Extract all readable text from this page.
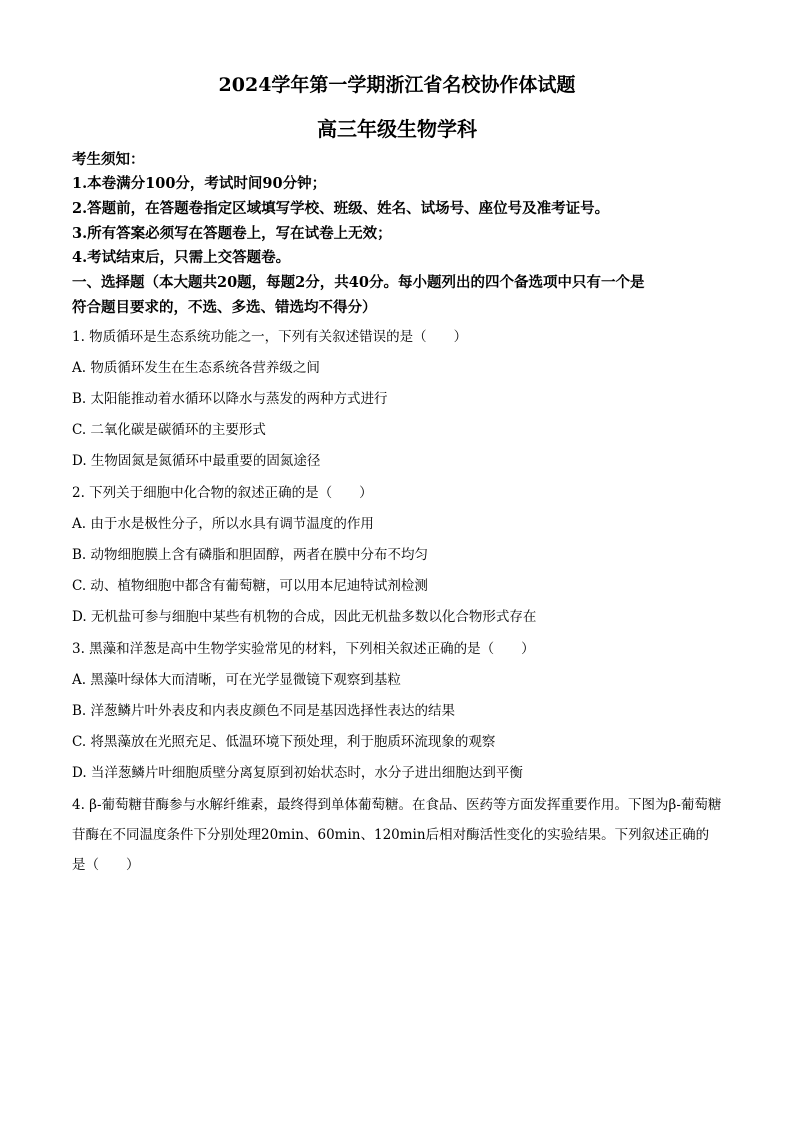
2024学年第一学期浙江省名校协作体试题
高三年级生物学科
考生须知：
1.本卷满分100分，考试时间90分钟；
2.答题前，在答题卷指定区域填写学校、班级、姓名、试场号、座位号及准考证号。
3.所有答案必须写在答题卷上，写在试卷上无效；
4.考试结束后，只需上交答题卷。
一、选择题（本大题共20题，每题2分，共40分。每小题列出的四个备选项中只有一个是
符合题目要求的，不选、多选、错选均不得分）
1. 物质循环是生态系统功能之一，下列有关叙述错误的是（　　）
A. 物质循环发生在生态系统各营养级之间
B. 太阳能推动着水循环以降水与蒸发的两种方式进行
C. 二氧化碳是碳循环的主要形式
D. 生物固氮是氮循环中最重要的固氮途径
2. 下列关于细胞中化合物的叙述正确的是（　　）
A. 由于水是极性分子，所以水具有调节温度的作用
B. 动物细胞膜上含有磷脂和胆固醇，两者在膜中分布不均匀
C. 动、植物细胞中都含有葡萄糖，可以用本尼迪特试剂检测
D. 无机盐可参与细胞中某些有机物的合成，因此无机盐多数以化合物形式存在
3. 黑藻和洋葱是高中生物学实验常见的材料，下列相关叙述正确的是（　　）
A. 黑藻叶绿体大而清晰，可在光学显微镜下观察到基粒
B. 洋葱鳞片叶外表皮和内表皮颜色不同是基因选择性表达的结果
C. 将黑藻放在光照充足、低温环境下预处理，利于胞质环流现象的观察
D. 当洋葱鳞片叶细胞质壁分离复原到初始状态时，水分子进出细胞达到平衡
4. β-葡萄糖苷酶参与水解纤维素，最终得到单体葡萄糖。在食品、医药等方面发挥重要作用。下图为β-葡萄糖苷酶在不同温度条件下分别处理20min、60min、120min后相对酶活性变化的实验结果。下列叙述正确的是（　　）
